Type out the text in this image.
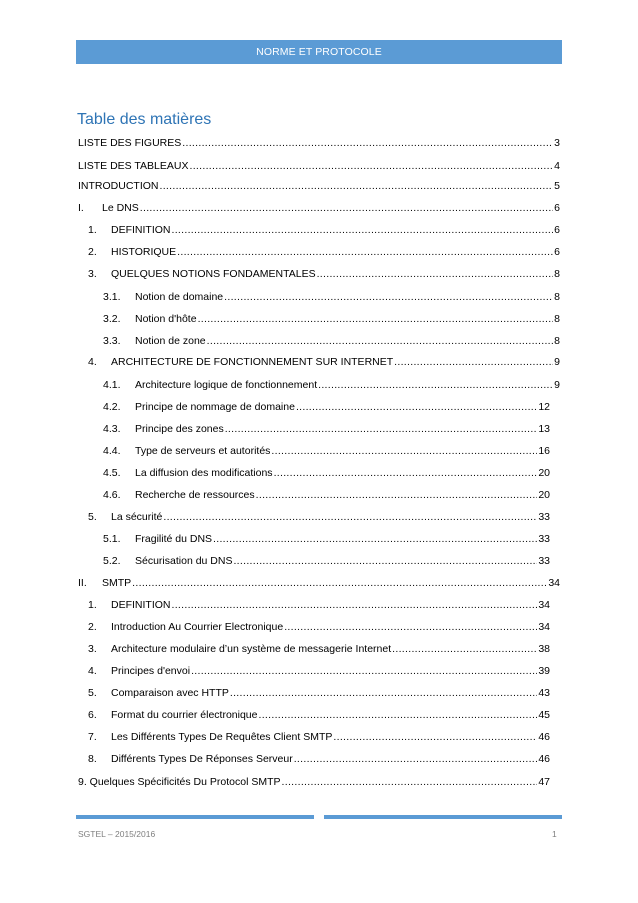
NORME ET PROTOCOLE
Table des matières
LISTE DES FIGURES .....	3
LISTE DES TABLEAUX .....	4
INTRODUCTION .....	5
I.	Le DNS .....	6
1.	DEFINITION .....	6
2.	HISTORIQUE .....	6
3.	QUELQUES NOTIONS FONDAMENTALES .....	8
3.1.	Notion de domaine .....	8
3.2.	Notion d'hôte .....	8
3.3.	Notion de zone .....	8
4.	ARCHITECTURE DE FONCTIONNEMENT SUR INTERNET .....	9
4.1.	Architecture logique de fonctionnement .....	9
4.2.	Principe de nommage de domaine .....	12
4.3.	Principe des zones .....	13
4.4.	Type de serveurs et autorités .....	16
4.5.	La diffusion des modifications .....	20
4.6.	Recherche de ressources .....	20
5.	La sécurité .....	33
5.1.	Fragilité du DNS .....	33
5.2.	Sécurisation du DNS .....	33
II.	SMTP .....	34
1.	DEFINITION .....	34
2.	Introduction Au Courrier Electronique .....	34
3.	Architecture modulaire d’un système de messagerie Internet .....	38
4.	Principes d'envoi .....	39
5.	Comparaison avec HTTP .....	43
6.	Format du courrier électronique .....	45
7.	Les Différents Types De Requêtes Client SMTP .....	46
8.	Différents Types De Réponses Serveur .....	46
9. Quelques Spécificités Du Protocol SMTP .....	47
SGTEL – 2015/2016	1
